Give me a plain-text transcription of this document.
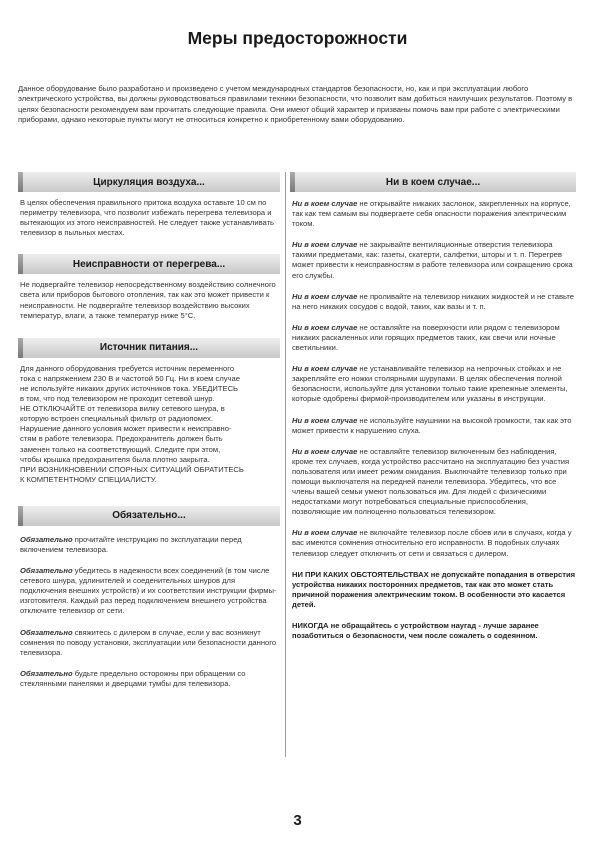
Меры предосторожности
Данное оборудование было разработано и произведено с учетом международных стандартов безопасности, но, как и при эксплуатации любого электрического устройства, вы должны руководствоваться правилами техники безопасности, что позволит вам добиться наилучших результатов. Поэтому в целях безопасности рекомендуем вам прочитать следующие правила. Они имеют общий характер и призваны помочь вам при работе с электрическими приборами, однако некоторые пункты могут не относиться конкретно к приобретенному вами оборудованию.
Циркуляция воздуха...
В целях обеспечения правильного притока воздуха оставьте 10 см по периметру телевизора, что позволит избежать перегрева телевизора и вытекающих из этого неисправностей. Не следует также устанавливать телевизор в пыльных местах.
Неисправности от перегрева...
Не подвергайте телевизор непосредственному воздействию солнечного света или приборов бытового отопления, так как это может привести к неисправности. Не подвергайте телевизор воздействию высоких температур, влаги, а также температур ниже 5°С.
Источник питания...
Для данного оборудования требуется источник переменного
тока с напряжением 230 В и частотой 50 Гц. Ни в коем случае
не используйте никаких других источников тока. УБЕДИТЕСЬ
в том, что под телевизором не проходит сетевой шнур.
НЕ ОТКЛЮЧАЙТЕ от телевизора вилку сетевого шнура, в
которую встроен специальный фильтр от радиопомех.
Нарушение данного условия может привести к неисправно-
стям в работе телевизора. Предохранитель должен быть
заменен только на соответствующий. Следите при этом,
чтобы крышка предохранителя была плотно закрыта.
ПРИ ВОЗНИКНОВЕНИИ СПОРНЫХ СИТУАЦИЙ ОБРАТИТЕСЬ
К КОМПЕТЕНТНОМУ СПЕЦИАЛИСТУ.
Обязательно...
Обязательно прочитайте инструкцию по эксплуатации перед включением телевизора.
Обязательно убедитесь в надежности всех соединений (в том числе сетевого шнура, удлинителей и соеденительных шнуров для подключения внешних устройств) и их соответствии инструкции фирмы-изготовителя. Каждый раз перед подключением внешнего устройства отключите телевизор от сети.
Обязательно свяжитесь с дилером в случае, если у вас возникнут сомнения по поводу установки, эксплуатации или безопасности данного телевизора.
Обязательно будьте предельно осторожны при обращении со стеклянными панелями и дверцами тумбы для телевизора.
Ни в коем случае...
Ни в коем случае не открывайте никаких заслонок, закрепленных на корпусе, так как тем самым вы подвергаете себя опасности поражения электрическим током.
Ни в коем случае не закрывайте вентиляционные отверстия телевизора такими предметами, как: газеты, скатерти, салфетки, шторы и т. п. Перегрев может привести к неисправностям в работе телевизора или сокращению срока его службы.
Ни в коем случае не проливайте на телевизор никаких жидкостей и не ставьте на него никаких сосудов с водой, таких, как вазы и т. п.
Ни в коем случае не оставляйте на поверхности или рядом с телевизором никаких раскаленных или горящих предметов таких, как свечи или ночные светильники.
Ни в коем случае не устанавливайте телевизор на непрочных стойках и не закрепляйте его ножки столярными шурупами. В целях обеспечения полной безопасности, используйте для установки только такие крепежные элементы, которые одобрены фирмой-производителем или указаны в инструкции.
Ни в коем случае не используйте наушники на высокой громкости, так как это может привести к нарушению слуха.
Ни в коем случае не оставляйте телевизор включенным без наблюдения, кроме тех случаев, когда устройство рассчитано на эксплуатацию без участия пользователя или имеет режим ожидания. Выключайте телевизор только при помощи выключателя на передней панели телевизора. Убедитесь, что все члены вашей семьи умеют пользоваться им. Для людей с физическими недостатками могут потребоваться специальные приспособления, позволяющие им полноценно пользоваться телевизором.
Ни в коем случае не включайте телевизор после сбоев или в случаях, когда у вас имеются сомнения относительно его исправности. В подобных случаях телевизор следует отключить от сети и связаться с дилером.
НИ ПРИ КАКИХ ОБСТОЯТЕЛЬСТВАХ не допускайте попадания в отверстия устройства никаких посторонних предметов, так как это может стать причиной поражения электрическим током. В особенности это касается детей.
НИКОГДА не обращайтесь с устройством наугад - лучше заранее позаботиться о безопасности, чем после сожалеть о содеянном.
3
